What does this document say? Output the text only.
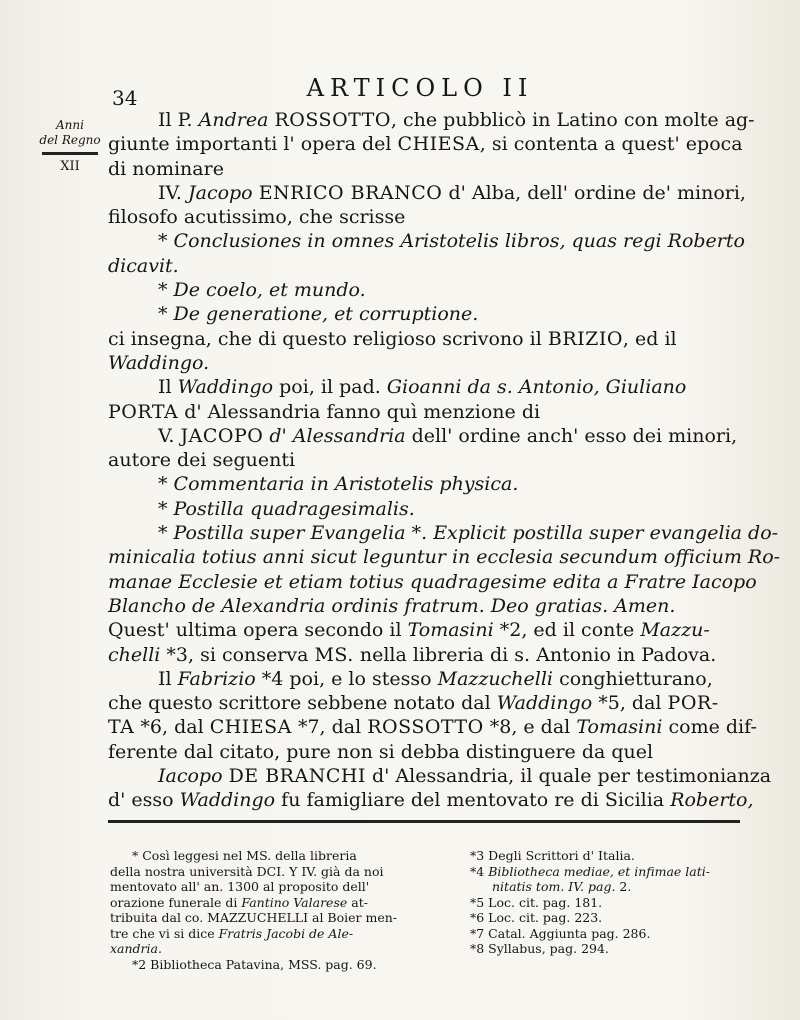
34	ARTICOLO II
Anni
del Regno
XII
Il P. Andrea ROSSOTTO, che pubblicò in Latino con molte ag-
giunte importanti l' opera del CHIESA, si contenta a quest' epoca
di nominare
IV. Jacopo ENRICO BRANCO d' Alba, dell' ordine de' minori,
filosofo acutissimo, che scrisse
* Conclusiones in omnes Aristotelis libros, quas regi Roberto
dicavit.
* De coelo, et mundo.
* De generatione, et corruptione.
ci insegna, che di questo religioso scrivono il BRIZIO, ed il
Waddingo.
Il Waddingo poi, il pad. Gioanni da s. Antonio, Giuliano
PORTA d' Alessandria fanno quì menzione di
V. JACOPO d' Alessandria dell' ordine anch' esso dei minori,
autore dei seguenti
* Commentaria in Aristotelis physica.
* Postilla quadragesimalis.
* Postilla super Evangelia *. Explicit postilla super evangelia do-
minicalia totius anni sicut leguntur in ecclesia secundum officium Ro-
manae Ecclesie et etiam totius quadragesime edita a Fratre Iacopo
Blancho de Alexandria ordinis fratrum. Deo gratias. Amen.
Quest' ultima opera secondo il Tomasini *2, ed il conte Mazzu-
chelli *3, si conserva MS. nella libreria di s. Antonio in Padova.
Il Fabrizio *4 poi, e lo stesso Mazzuchelli conghietturano,
che questo scrittore sebbene notato dal Waddingo *5, dal POR-
TA *6, dal CHIESA *7, dal ROSSOTTO *8, e dal Tomasini come dif-
ferente dal citato, pure non si debba distinguere da quel
Iacopo DE BRANCHI d' Alessandria, il quale per testimonianza
d' esso Waddingo fu famigliare del mentovato re di Sicilia Roberto,
* Così leggesi nel MS. della libreria
della nostra università DCI. Y IV. già da noi
mentovato all' an. 1300 al proposito dell'
orazione funerale di Fantino Valarese at-
tribuita dal co. MAZZUCHELLI al Boier men-
tre che vi si dice Fratris Jacobi de Ale-
xandria.
*2 Bibliotheca Patavina, MSS. pag. 69.
*3 Degli Scrittori d' Italia.
*4 Bibliotheca mediae, et infimae lati-
nitatis tom. IV. pag. 2.
*5 Loc. cit. pag. 181.
*6 Loc. cit. pag. 223.
*7 Catal. Aggiunta pag. 286.
*8 Syllabus, pag. 294.
